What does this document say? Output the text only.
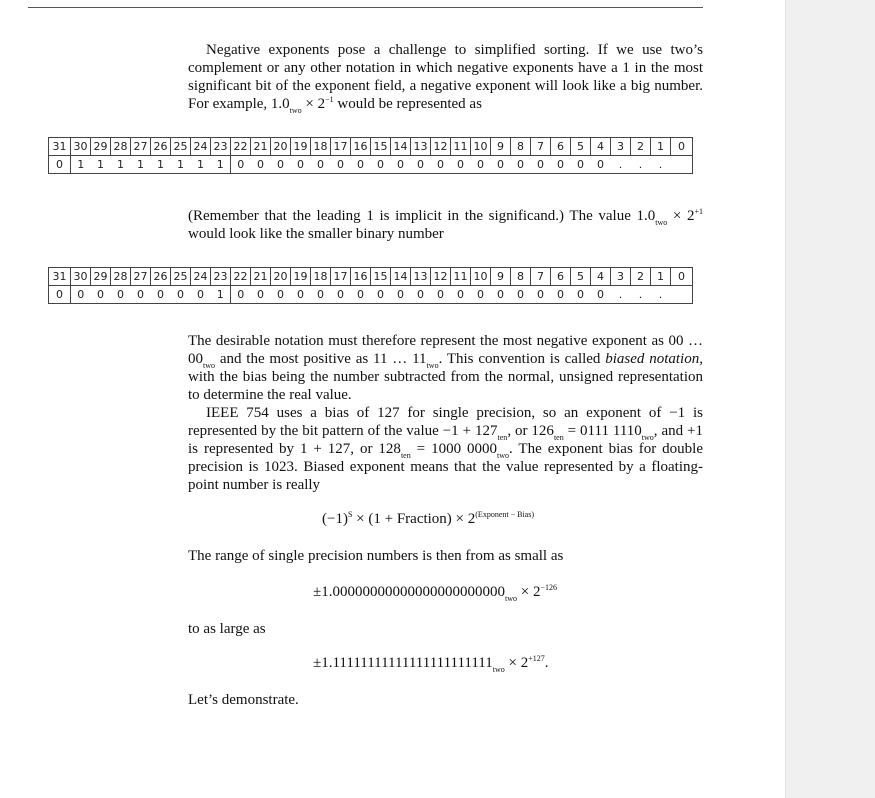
Negative exponents pose a challenge to simplified sorting. If we use two’s complement or any other notation in which negative exponents have a 1 in the most significant bit of the exponent field, a negative exponent will look like a big number. For example, $1.0_{two} \times 2^{-1}$ would be represented as

31	30	29	28	27	26	25	24	23	22	21	20	19	18	17	16	15	14	13	12	11	10	9	8	7	6	5	4	3	2	1	0
0	1	1	1	1	1	1	1	1	0	0	0	0	0	0	0	0	0	0	0	0	0	0	0	0	0	0	0	.	.	.	

(Remember that the leading 1 is implicit in the significand.) The value $1.0_{two} \times 2^{+1}$ would look like the smaller binary number

31	30	29	28	27	26	25	24	23	22	21	20	19	18	17	16	15	14	13	12	11	10	9	8	7	6	5	4	3	2	1	0
0	0	0	0	0	0	0	0	1	0	0	0	0	0	0	0	0	0	0	0	0	0	0	0	0	0	0	0	.	.	.	

The desirable notation must therefore represent the most negative exponent as 00 … $00_{two}$ and the most positive as 11 … $11_{two}$. This convention is called biased notation, with the bias being the number subtracted from the normal, unsigned representation to determine the real value.

IEEE 754 uses a bias of 127 for single precision, so an exponent of −1 is represented by the bit pattern of the value $-1 + 127_{ten}$, or $126_{ten} = 0111$ $1110_{two}$, and +1 is represented by 1 + 127, or $128_{ten} = 1000$ $0000_{two}$. The exponent bias for double precision is 1023. Biased exponent means that the value represented by a floating-point number is really

$(-1)^S \times (1$ + Fraction) × $2^{(Exponent - Bias)}$

The range of single precision numbers is then from as small as

$\pm 1.00000000000000000000000_{two} \times 2^{-126}$

to as large as

$\pm 1.11111111111111111111111_{two} \times 2^{+127}$.

Let’s demonstrate.
